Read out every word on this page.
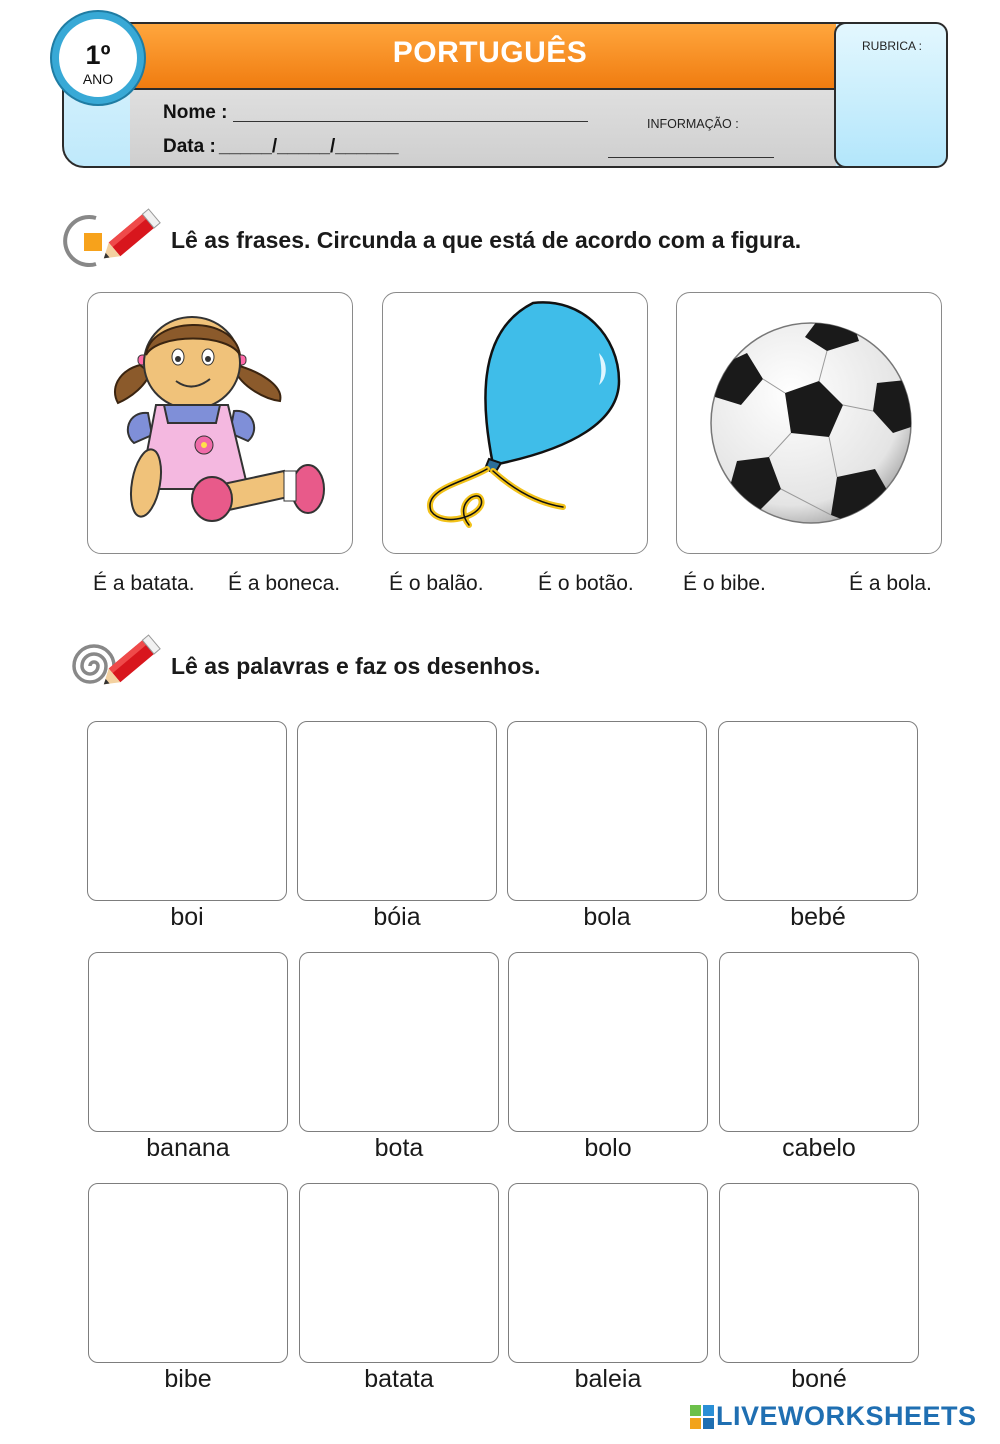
PORTUGUÊS	RUBRICA :
1º
ANO
Nome :
Data : _____/_____/______
INFORMAÇÃO :
Lê as frases. Circunda a que está de acordo com a figura.
É a batata. É a boneca. É o balão.	É o botão. É o bibe.	É a bola.
Lê as palavras e faz os desenhos.
boi	bóia	bola	bebé
banana	bota	bolo	cabelo
bibe	batata	baleia	boné
LIVEWORKSHEETS
